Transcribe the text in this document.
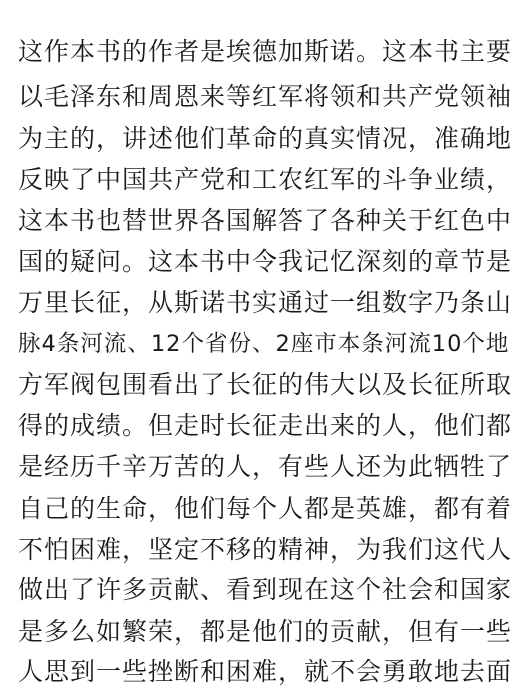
这作本书的作者是埃德加斯诺。这本书主要
以毛泽东和周恩来等红军将领和共产党领袖
为主的，讲述他们革命的真实情况，准确地
反映了中国共产党和工农红军的斗争业绩，
这本书也替世界各国解答了各种关于红色中
国的疑问。这本书中令我记忆深刻的章节是
万里长征，从斯诺书实通过一组数字乃条山
脉4条河流、12个省份、2座市本条河流10个地
方军阀包围看出了长征的伟大以及长征所取
得的成绩。但走时长征走出来的人，他们都
是经历千辛万苦的人，有些人还为此牺牲了
自己的生命，他们每个人都是英雄，都有着
不怕困难，坚定不移的精神，为我们这代人
做出了许多贡献、看到现在这个社会和国家
是多么如繁荣，都是他们的贡献，但有一些
人思到一些挫断和困难，就不会勇敢地去面
